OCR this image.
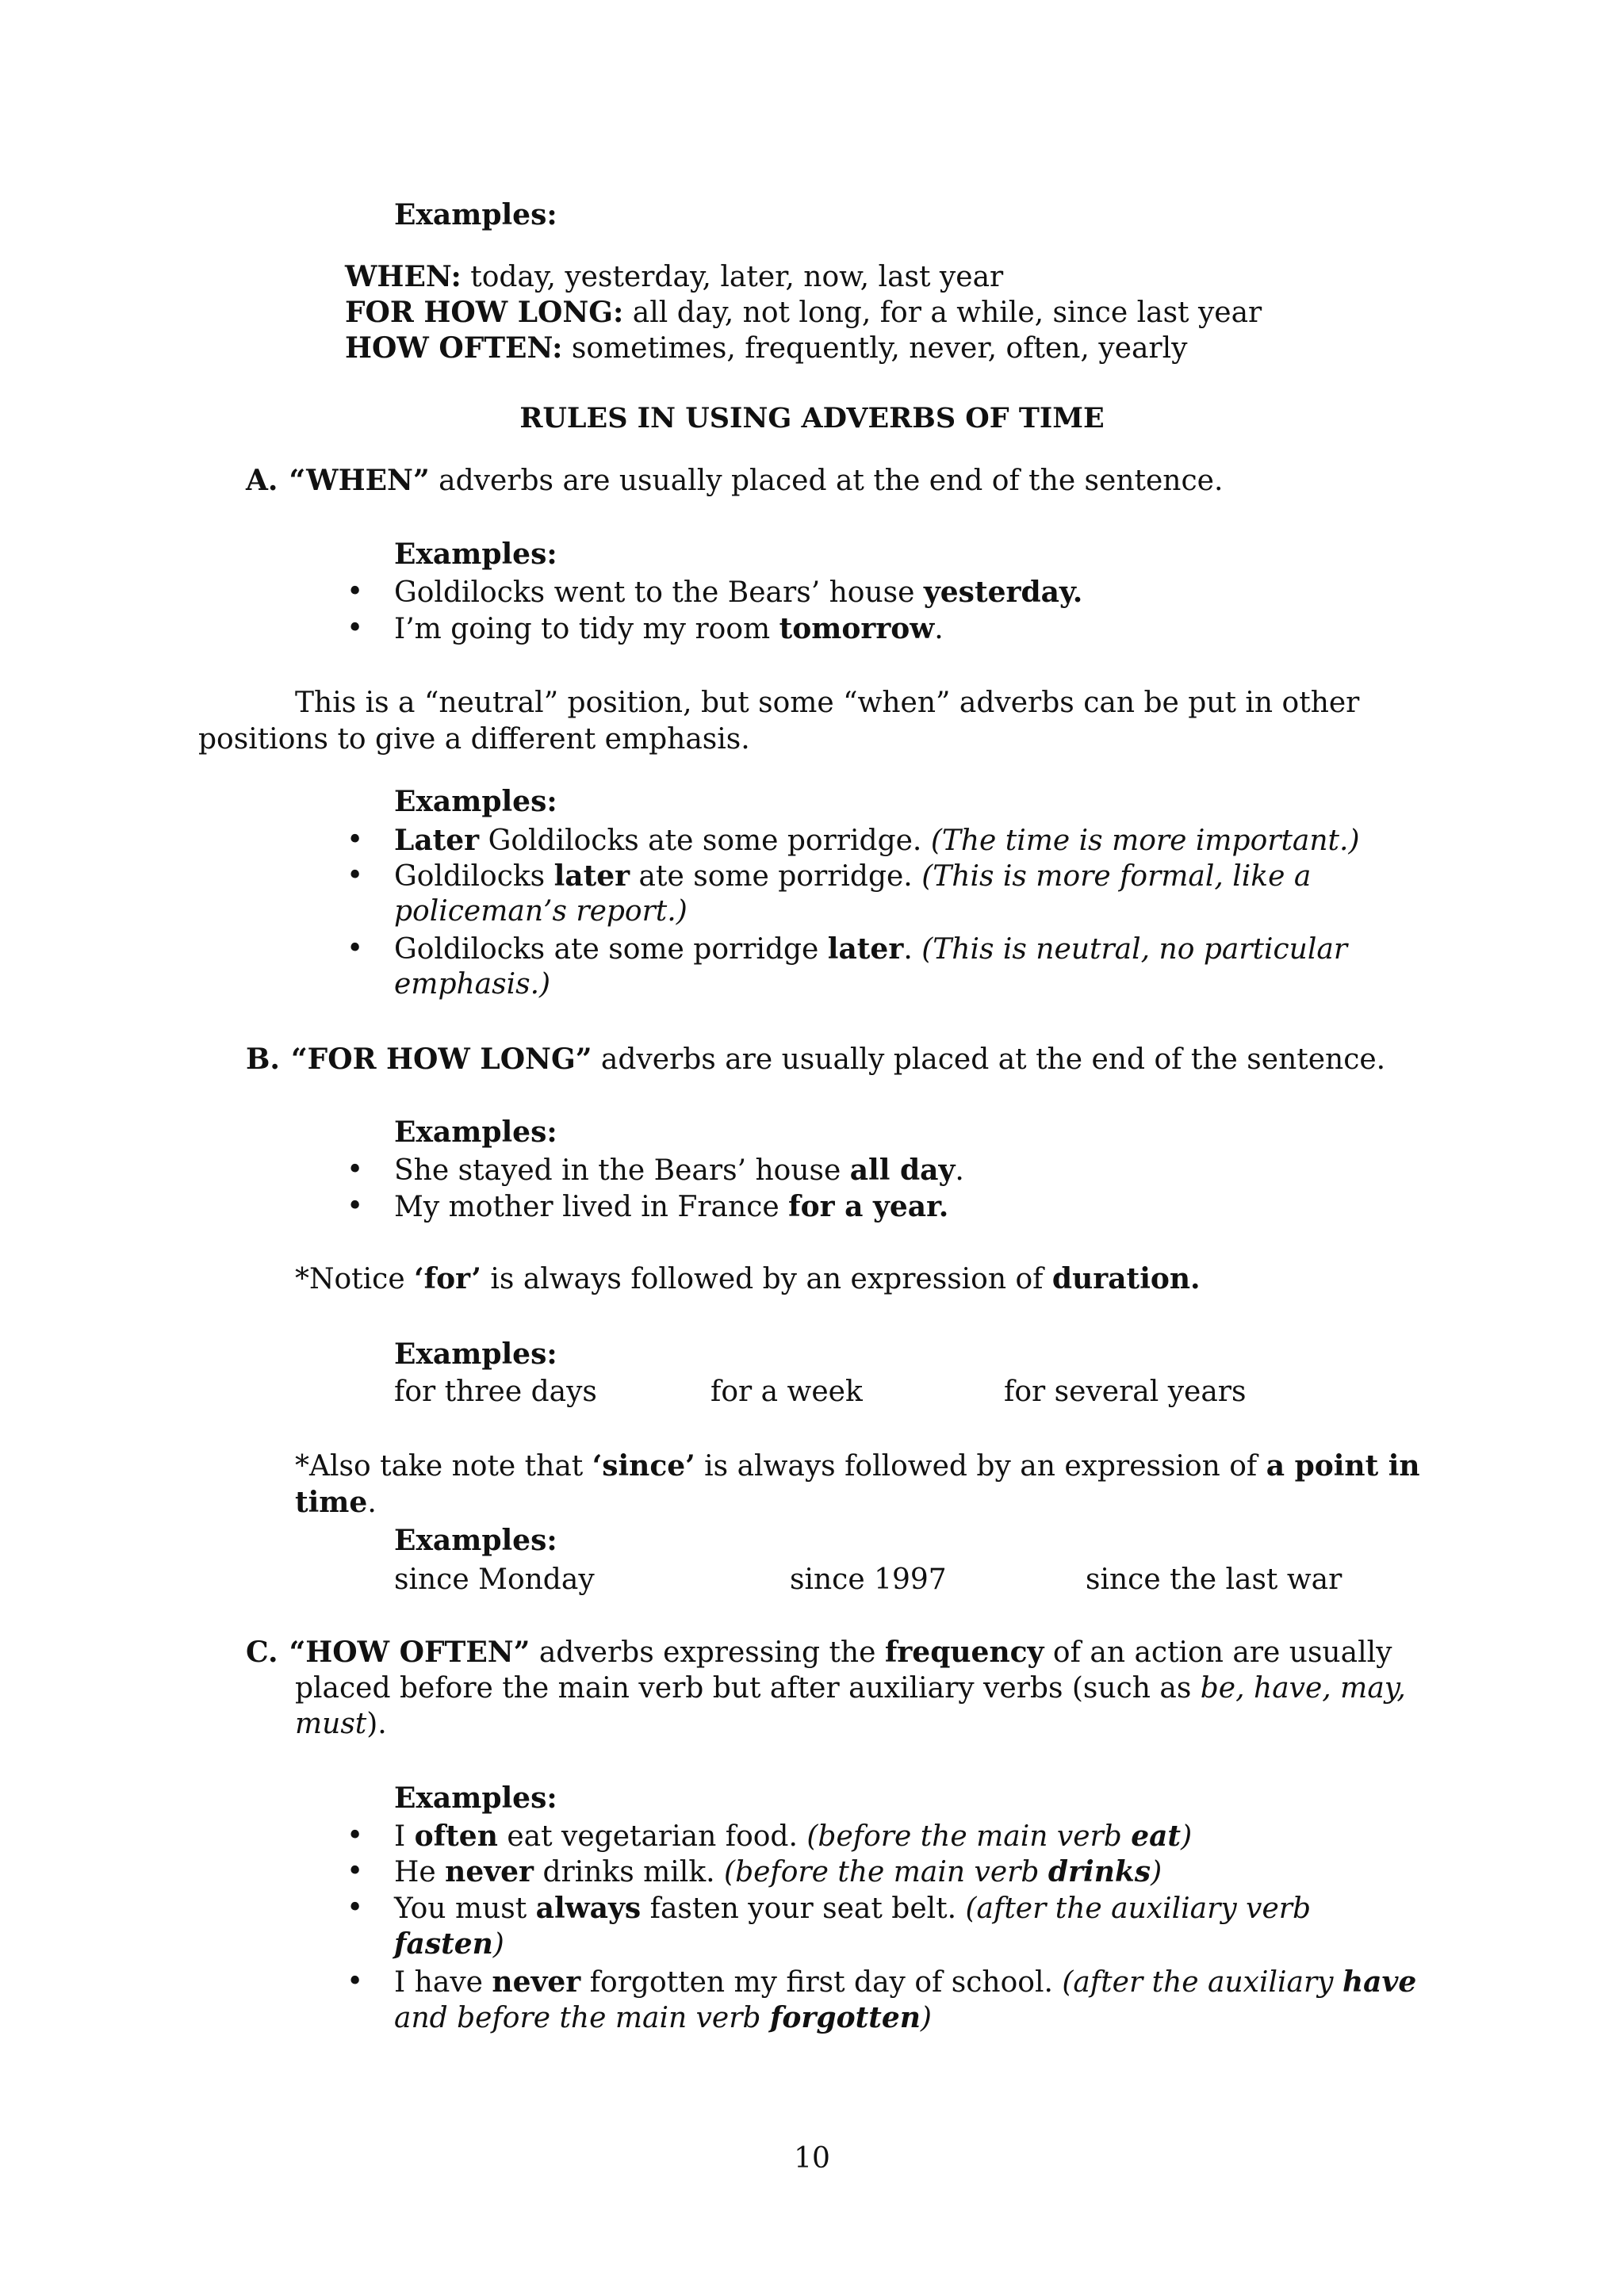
Examples:
WHEN: today, yesterday, later, now, last year
FOR HOW LONG: all day, not long, for a while, since last year
HOW OFTEN: sometimes, frequently, never, often, yearly
RULES IN USING ADVERBS OF TIME
A. “WHEN” adverbs are usually placed at the end of the sentence.
Examples:
• Goldilocks went to the Bears’ house yesterday.
• I’m going to tidy my room tomorrow.
This is a “neutral” position, but some “when” adverbs can be put in other
positions to give a different emphasis.
Examples:
• Later Goldilocks ate some porridge. (The time is more important.)
• Goldilocks later ate some porridge. (This is more formal, like a
policeman’s report.)
• Goldilocks ate some porridge later. (This is neutral, no particular
emphasis.)
B. “FOR HOW LONG” adverbs are usually placed at the end of the sentence.
Examples:
• She stayed in the Bears’ house all day.
• My mother lived in France for a year.
*Notice ‘for’ is always followed by an expression of duration.
Examples:
for three days	for a week	for several years
*Also take note that ‘since’ is always followed by an expression of a point in
time.
Examples:
since Monday	since 1997	since the last war
C. “HOW OFTEN” adverbs expressing the frequency of an action are usually
placed before the main verb but after auxiliary verbs (such as be, have, may,
must).
Examples:
• I often eat vegetarian food. (before the main verb eat)
• He never drinks milk. (before the main verb drinks)
• You must always fasten your seat belt. (after the auxiliary verb
fasten)
• I have never forgotten my first day of school. (after the auxiliary have
and before the main verb forgotten)
10
